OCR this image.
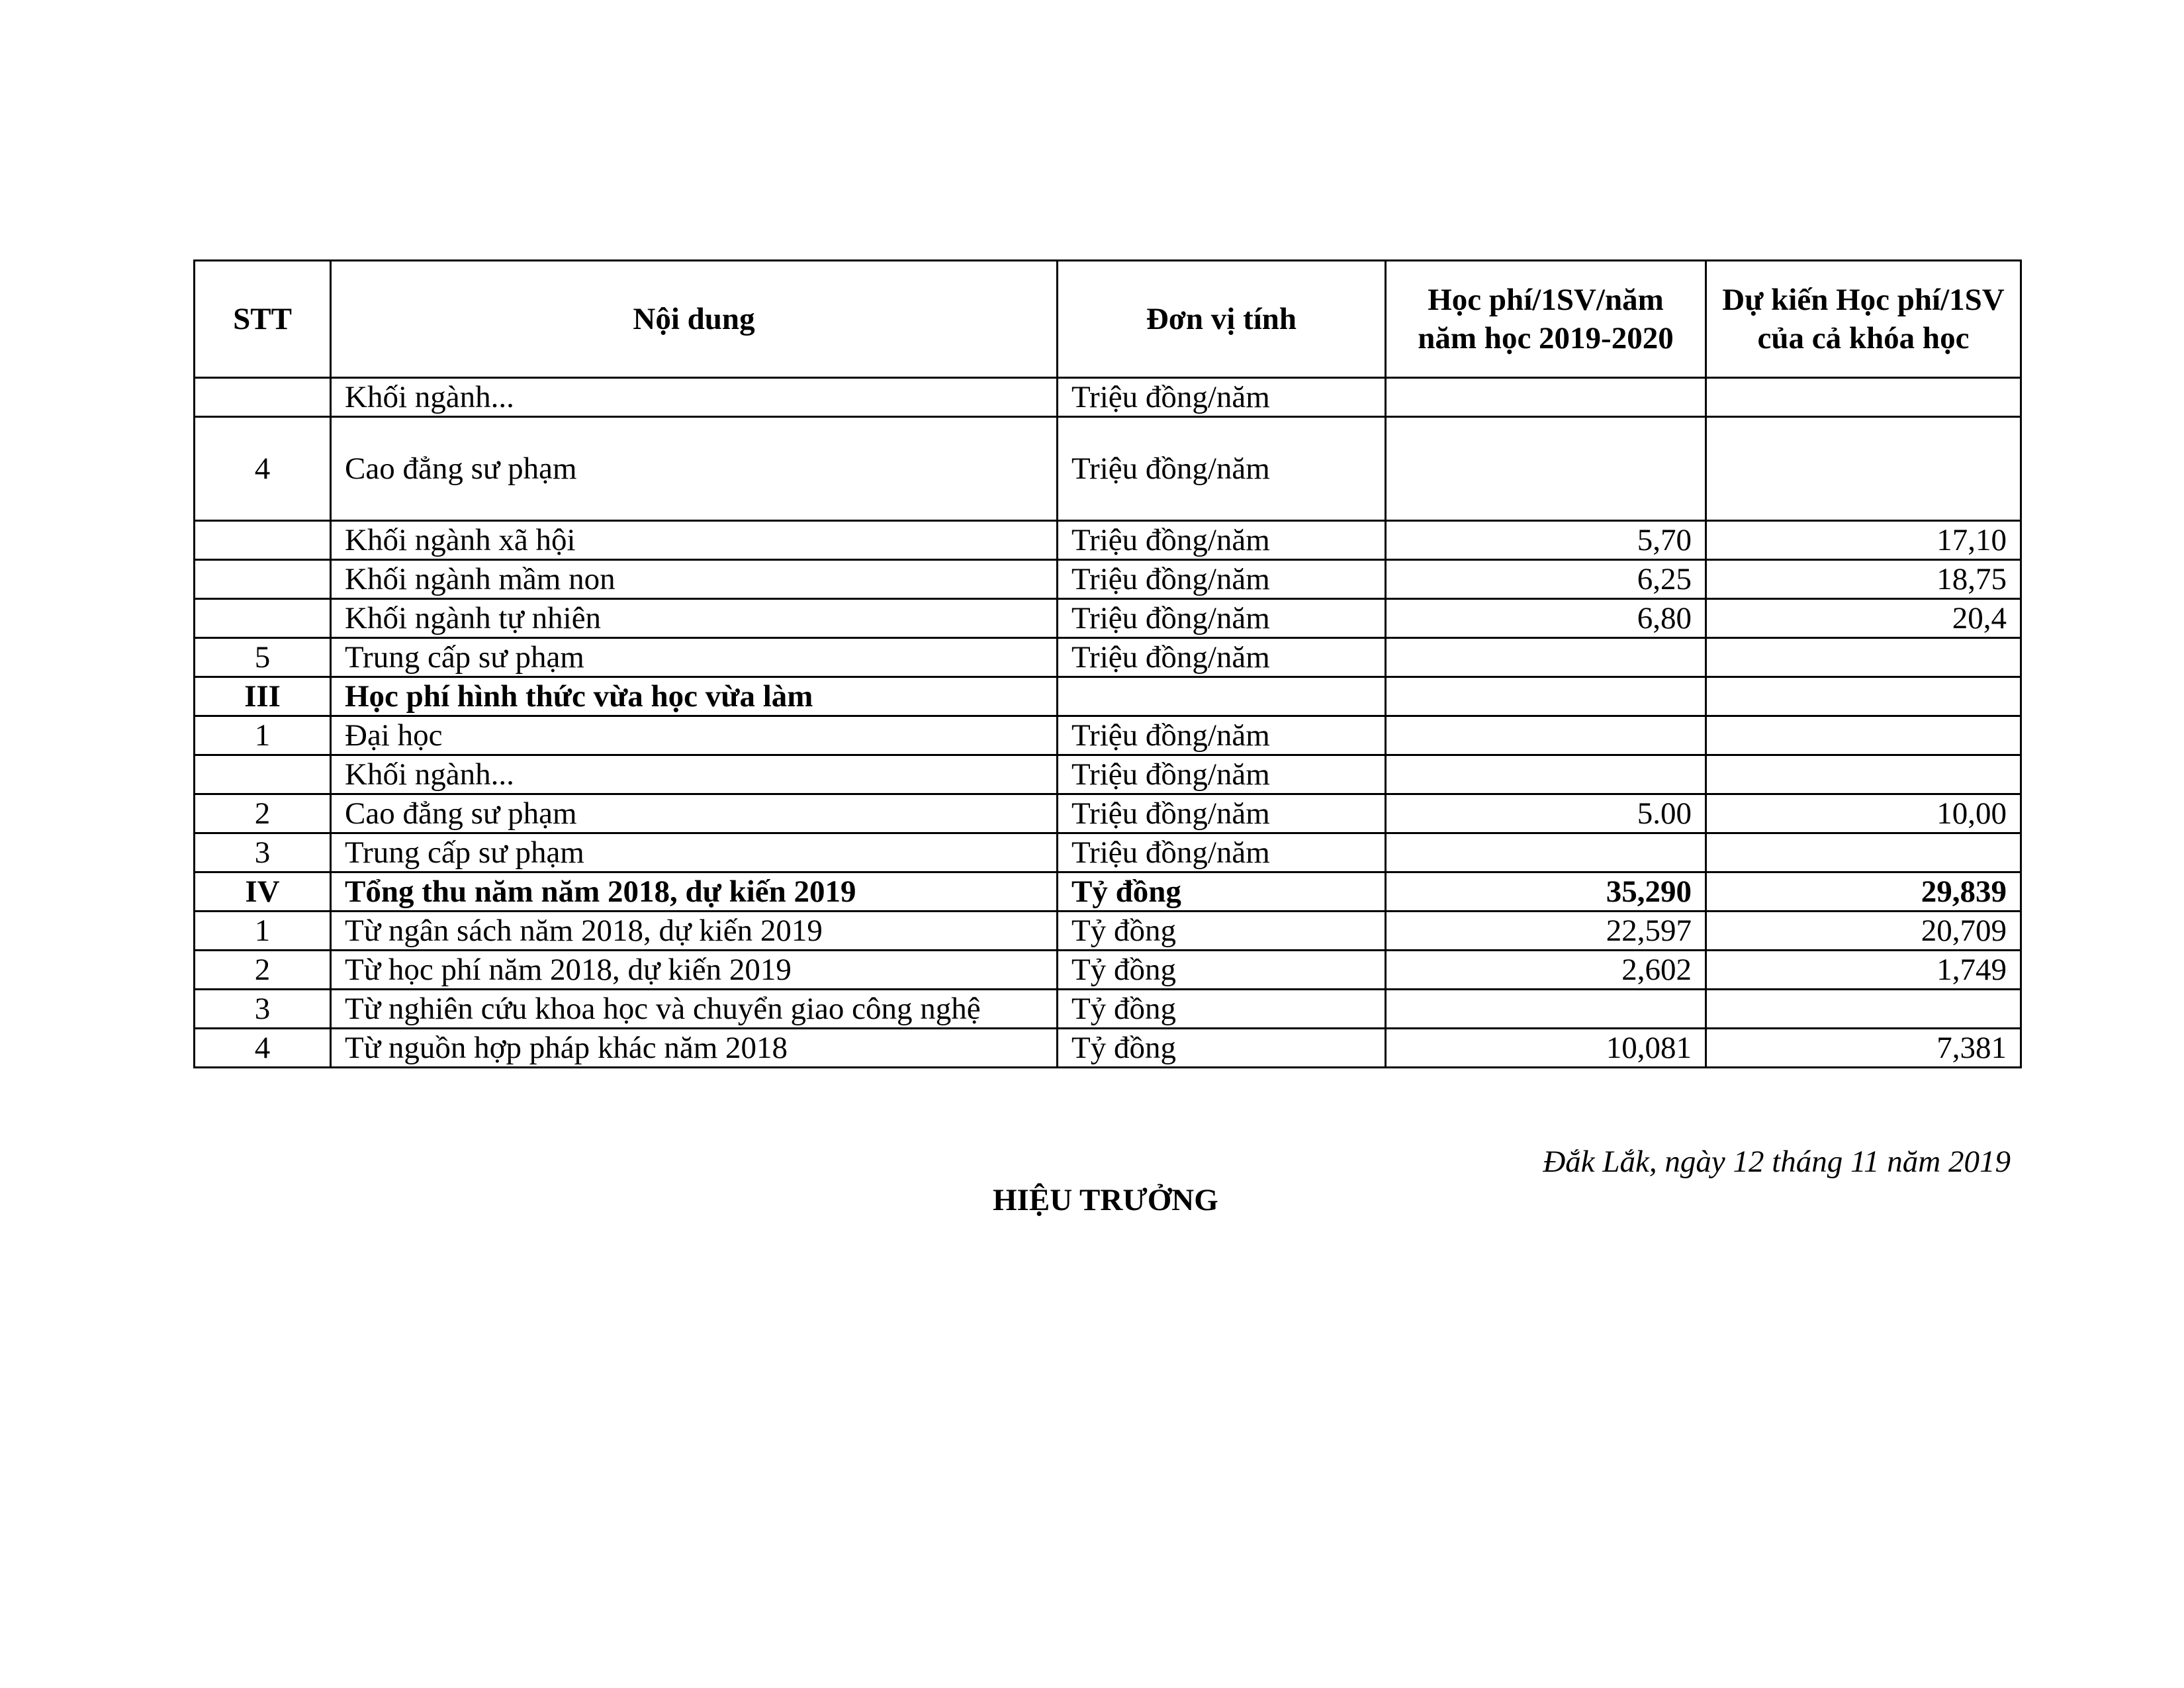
STT	Nội dung	Đơn vị tính	Học phí/1SV/năm năm học 2019-2020	Dự kiến Học phí/1SV của cả khóa học
	Khối ngành...	Triệu đồng/năm		
4	Cao đẳng sư phạm	Triệu đồng/năm		
	Khối ngành xã hội	Triệu đồng/năm	5,70	17,10
	Khối ngành mầm non	Triệu đồng/năm	6,25	18,75
	Khối ngành tự nhiên	Triệu đồng/năm	6,80	20,4
5	Trung cấp sư phạm	Triệu đồng/năm		
III	Học phí hình thức vừa học vừa làm			
1	Đại học	Triệu đồng/năm		
	Khối ngành...	Triệu đồng/năm		
2	Cao đẳng sư phạm	Triệu đồng/năm	5.00	10,00
3	Trung cấp sư phạm	Triệu đồng/năm		
IV	Tổng thu năm năm 2018, dự kiến 2019	Tỷ đồng	35,290	29,839
1	Từ ngân sách năm 2018, dự kiến 2019	Tỷ đồng	22,597	20,709
2	Từ học phí năm 2018, dự kiến 2019	Tỷ đồng	2,602	1,749
3	Từ nghiên cứu khoa học và chuyển giao công nghệ	Tỷ đồng		
4	Từ nguồn hợp pháp khác năm 2018	Tỷ đồng	10,081	7,381
Đắk Lắk, ngày 12 tháng 11 năm 2019
HIỆU TRƯỞNG
